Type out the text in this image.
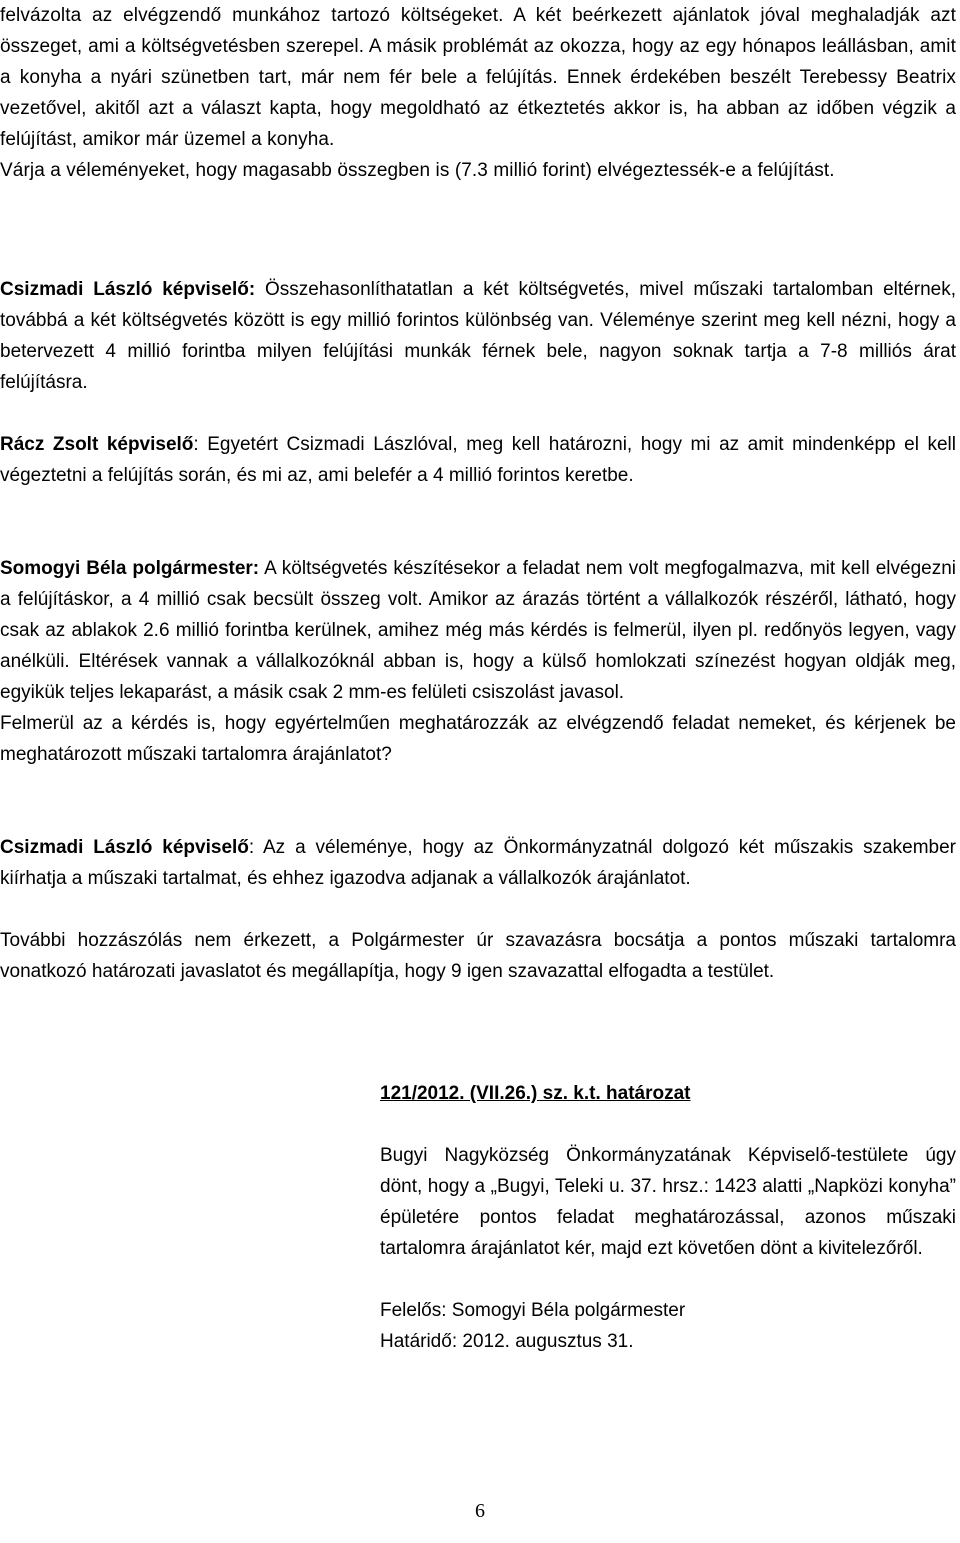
felvázolta az elvégzendő munkához tartozó költségeket. A két beérkezett ajánlatok jóval meghaladják azt összeget, ami a költségvetésben szerepel. A másik problémát az okozza, hogy az egy hónapos leállásban, amit a konyha a nyári szünetben tart, már nem fér bele a felújítás. Ennek érdekében beszélt Terebessy Beatrix vezetővel, akitől azt a választ kapta, hogy megoldható az étkeztetés akkor is, ha abban az időben végzik a felújítást, amikor már üzemel a konyha.

Várja a véleményeket, hogy magasabb összegben is (7.3 millió forint) elvégeztessék-e a felújítást.

Csizmadi László képviselő: Összehasonlíthatatlan a két költségvetés, mivel műszaki tartalomban eltérnek, továbbá a két költségvetés között is egy millió forintos különbség van. Véleménye szerint meg kell nézni, hogy a betervezett 4 millió forintba milyen felújítási munkák férnek bele, nagyon soknak tartja a 7-8 milliós árat felújításra.

Rácz Zsolt képviselő: Egyetért Csizmadi Lászlóval, meg kell határozni, hogy mi az amit mindenképp el kell végeztetni a felújítás során, és mi az, ami belefér a 4 millió forintos keretbe.

Somogyi Béla polgármester: A költségvetés készítésekor a feladat nem volt megfogalmazva, mit kell elvégezni a felújításkor, a 4 millió csak becsült összeg volt. Amikor az árazás történt a vállalkozók részéről, látható, hogy csak az ablakok 2.6 millió forintba kerülnek, amihez még más kérdés is felmerül, ilyen pl. redőnyös legyen, vagy anélküli. Eltérések vannak a vállalkozóknál abban is, hogy a külső homlokzati színezést hogyan oldják meg, egyikük teljes lekaparást, a másik csak 2 mm-es felületi csiszolást javasol.

Felmerül az a kérdés is, hogy egyértelműen meghatározzák az elvégzendő feladat nemeket, és kérjenek be meghatározott műszaki tartalomra árajánlatot?

Csizmadi László képviselő: Az a véleménye, hogy az Önkormányzatnál dolgozó két műszakis szakember kiírhatja a műszaki tartalmat, és ehhez igazodva adjanak a vállalkozók árajánlatot.

További hozzászólás nem érkezett, a Polgármester úr szavazásra bocsátja a pontos műszaki tartalomra vonatkozó határozati javaslatot és megállapítja, hogy 9 igen szavazattal elfogadta a testület.

121/2012. (VII.26.) sz. k.t. határozat

Bugyi Nagyközség Önkormányzatának Képviselő-testülete úgy dönt, hogy a „Bugyi, Teleki u. 37. hrsz.: 1423 alatti „Napközi konyha” épületére pontos feladat meghatározással, azonos műszaki tartalomra árajánlatot kér, majd ezt követően dönt a kivitelezőről.

Felelős: Somogyi Béla polgármester

Határidő: 2012. augusztus 31.

6
